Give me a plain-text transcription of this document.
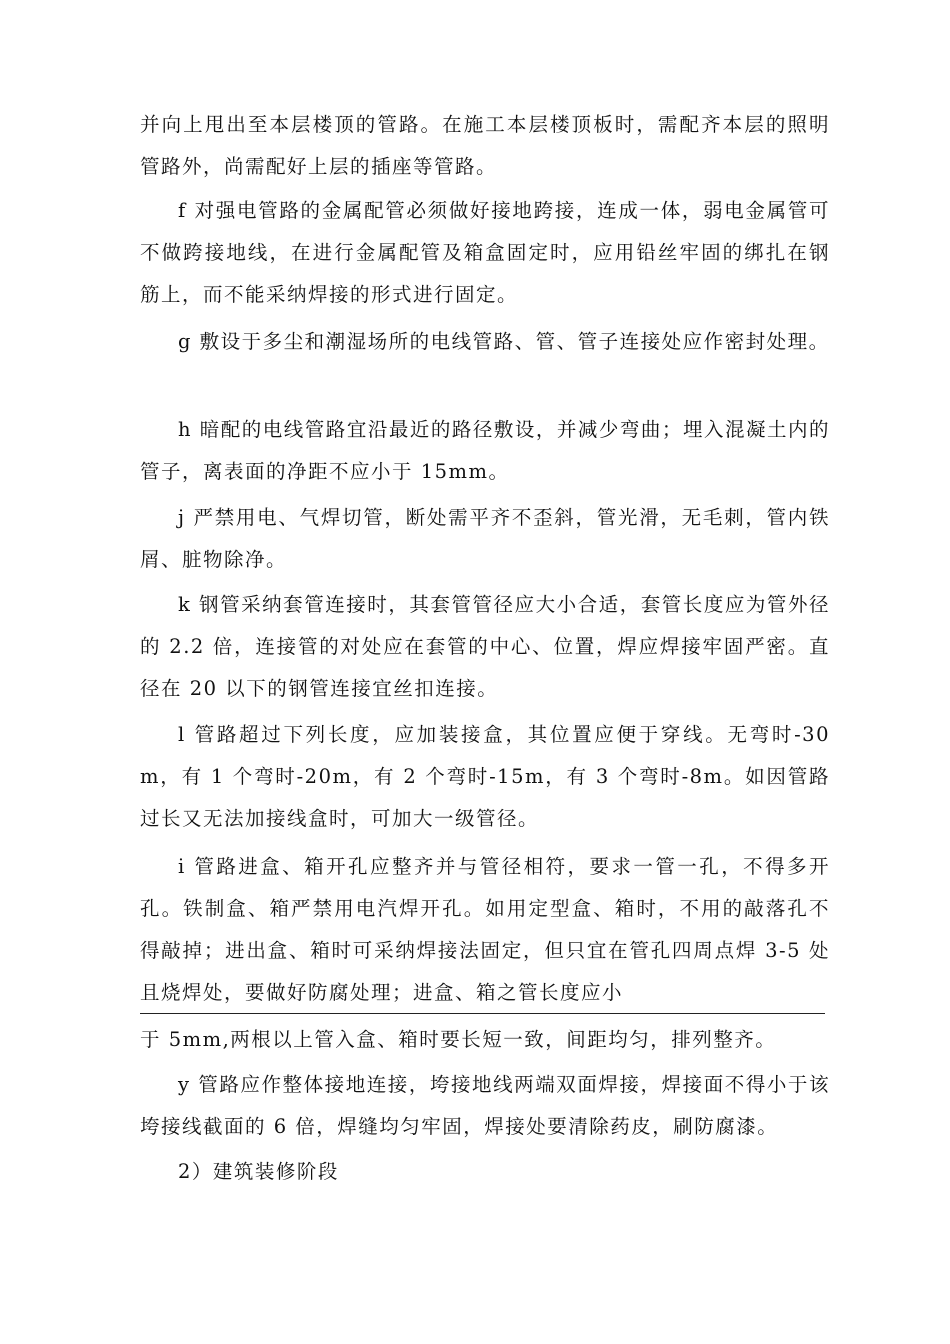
并向上甩出至本层楼顶的管路。在施工本层楼顶板时，需配齐本层的照明管路外，尚需配好上层的插座等管路。

f 对强电管路的金属配管必须做好接地跨接，连成一体，弱电金属管可不做跨接地线，在进行金属配管及箱盒固定时，应用铅丝牢固的绑扎在钢筋上，而不能采纳焊接的形式进行固定。

g 敷设于多尘和潮湿场所的电线管路、管、管子连接处应作密封处理。

h 暗配的电线管路宜沿最近的路径敷设，并减少弯曲；埋入混凝土内的管子，离表面的净距不应小于 15mm。

j 严禁用电、气焊切管，断处需平齐不歪斜，管光滑，无毛刺，管内铁屑、脏物除净。

k 钢管采纳套管连接时，其套管管径应大小合适，套管长度应为管外径的 2.2 倍，连接管的对处应在套管的中心、位置，焊应焊接牢固严密。直径在 20 以下的钢管连接宜丝扣连接。

l 管路超过下列长度，应加装接盒，其位置应便于穿线。无弯时-30m，有 1 个弯时-20m，有 2 个弯时-15m，有 3 个弯时-8m。如因管路过长又无法加接线盒时，可加大一级管径。

i 管路进盒、箱开孔应整齐并与管径相符，要求一管一孔，不得多开孔。铁制盒、箱严禁用电汽焊开孔。如用定型盒、箱时，不用的敲落孔不得敲掉；进出盒、箱时可采纳焊接法固定，但只宜在管孔四周点焊 3-5 处且烧焊处，要做好防腐处理；进盒、箱之管长度应小

于 5mm,两根以上管入盒、箱时要长短一致，间距均匀，排列整齐。

y 管路应作整体接地连接，垮接地线两端双面焊接，焊接面不得小于该垮接线截面的 6 倍，焊缝均匀牢固，焊接处要清除药皮，刷防腐漆。

2）建筑装修阶段
